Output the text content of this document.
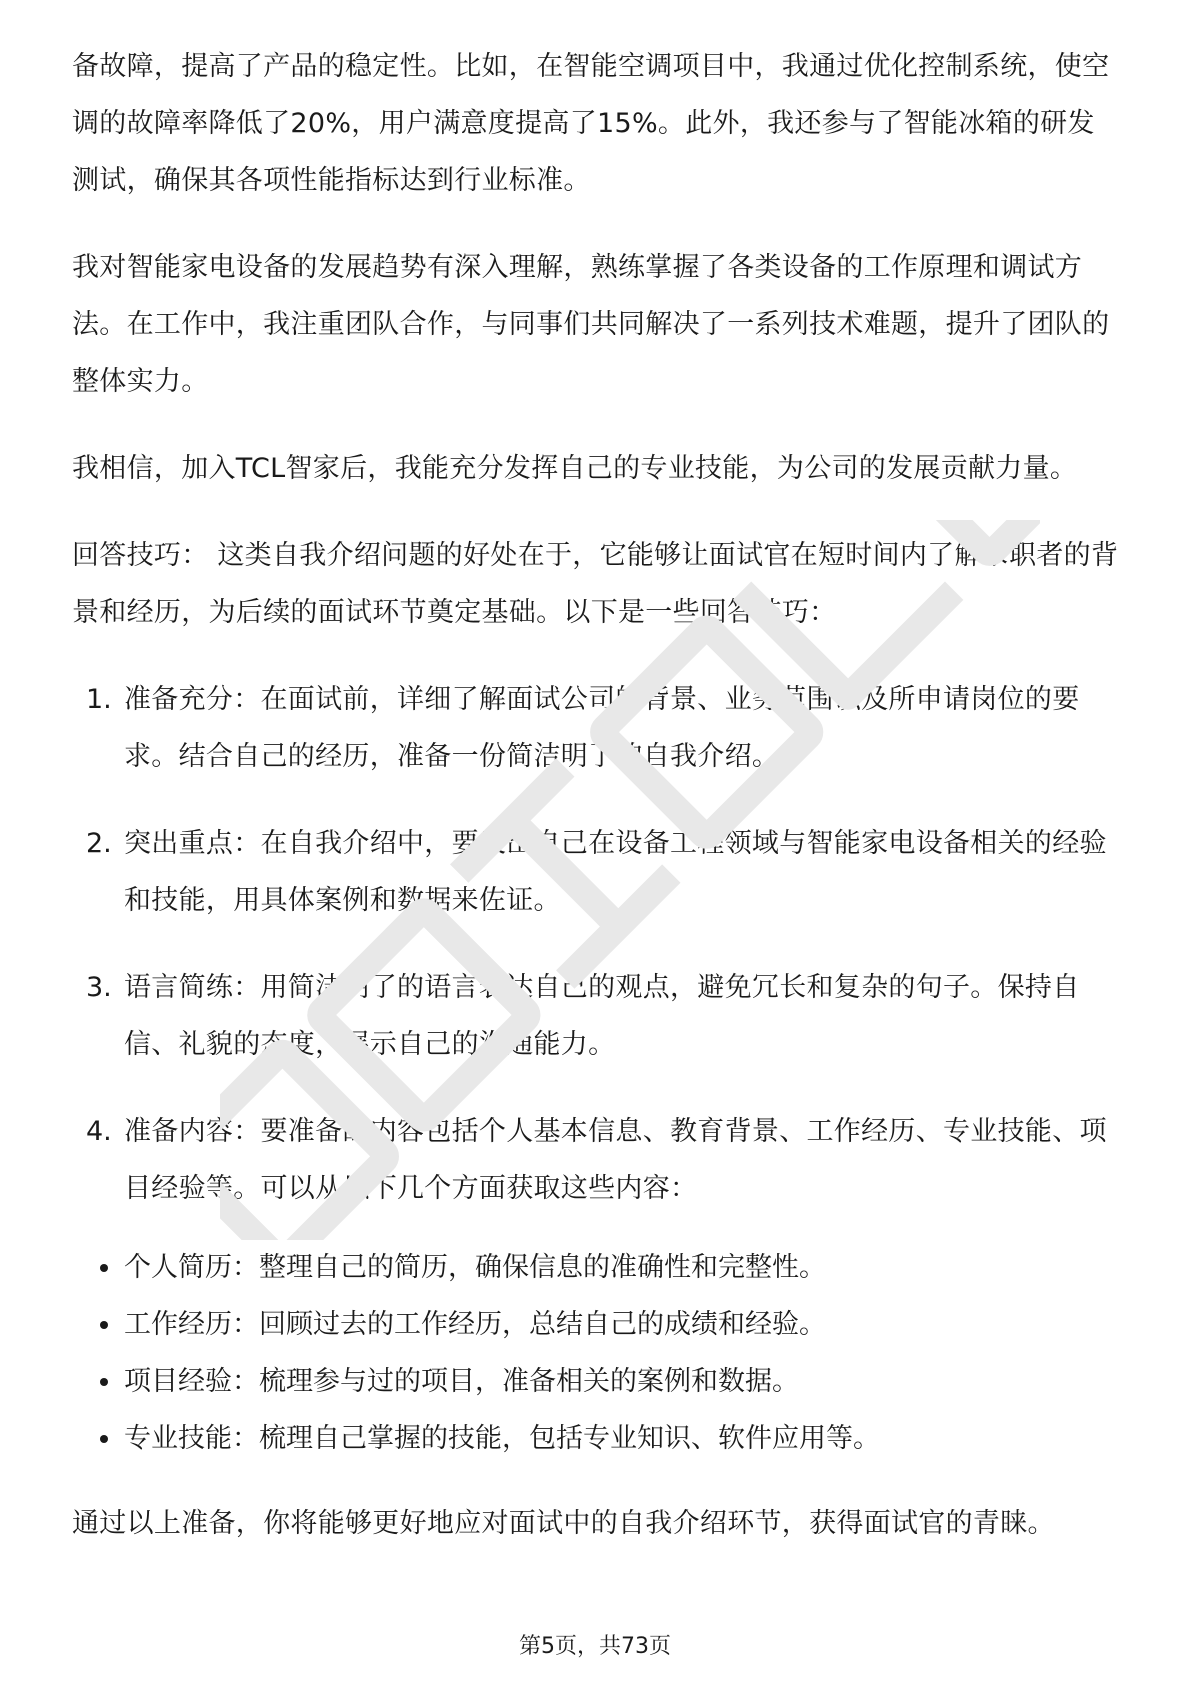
备故障，提高了产品的稳定性。比如，在智能空调项目中，我通过优化控制系统，使空调的故障率降低了20%，用户满意度提高了15%。此外，我还参与了智能冰箱的研发测试，确保其各项性能指标达到行业标准。

我对智能家电设备的发展趋势有深入理解，熟练掌握了各类设备的工作原理和调试方法。在工作中，我注重团队合作，与同事们共同解决了一系列技术难题，提升了团队的整体实力。

我相信，加入TCL智家后，我能充分发挥自己的专业技能，为公司的发展贡献力量。

回答技巧： 这类自我介绍问题的好处在于，它能够让面试官在短时间内了解求职者的背景和经历，为后续的面试环节奠定基础。以下是一些回答技巧：

1. 准备充分：在面试前，详细了解面试公司的背景、业务范围以及所申请岗位的要求。结合自己的经历，准备一份简洁明了的自我介绍。

2. 突出重点：在自我介绍中，要突出自己在设备工程领域与智能家电设备相关的经验和技能，用具体案例和数据来佐证。

3. 语言简练：用简洁明了的语言表达自己的观点，避免冗长和复杂的句子。保持自信、礼貌的态度，展示自己的沟通能力。

4. 准备内容：要准备的内容包括个人基本信息、教育背景、工作经历、专业技能、项目经验等。可以从以下几个方面获取这些内容：

个人简历：整理自己的简历，确保信息的准确性和完整性。
工作经历：回顾过去的工作经历，总结自己的成绩和经验。
项目经验：梳理参与过的项目，准备相关的案例和数据。
专业技能：梳理自己掌握的技能，包括专业知识、软件应用等。

通过以上准备，你将能够更好地应对面试中的自我介绍环节，获得面试官的青睐。

第5页，共73页
